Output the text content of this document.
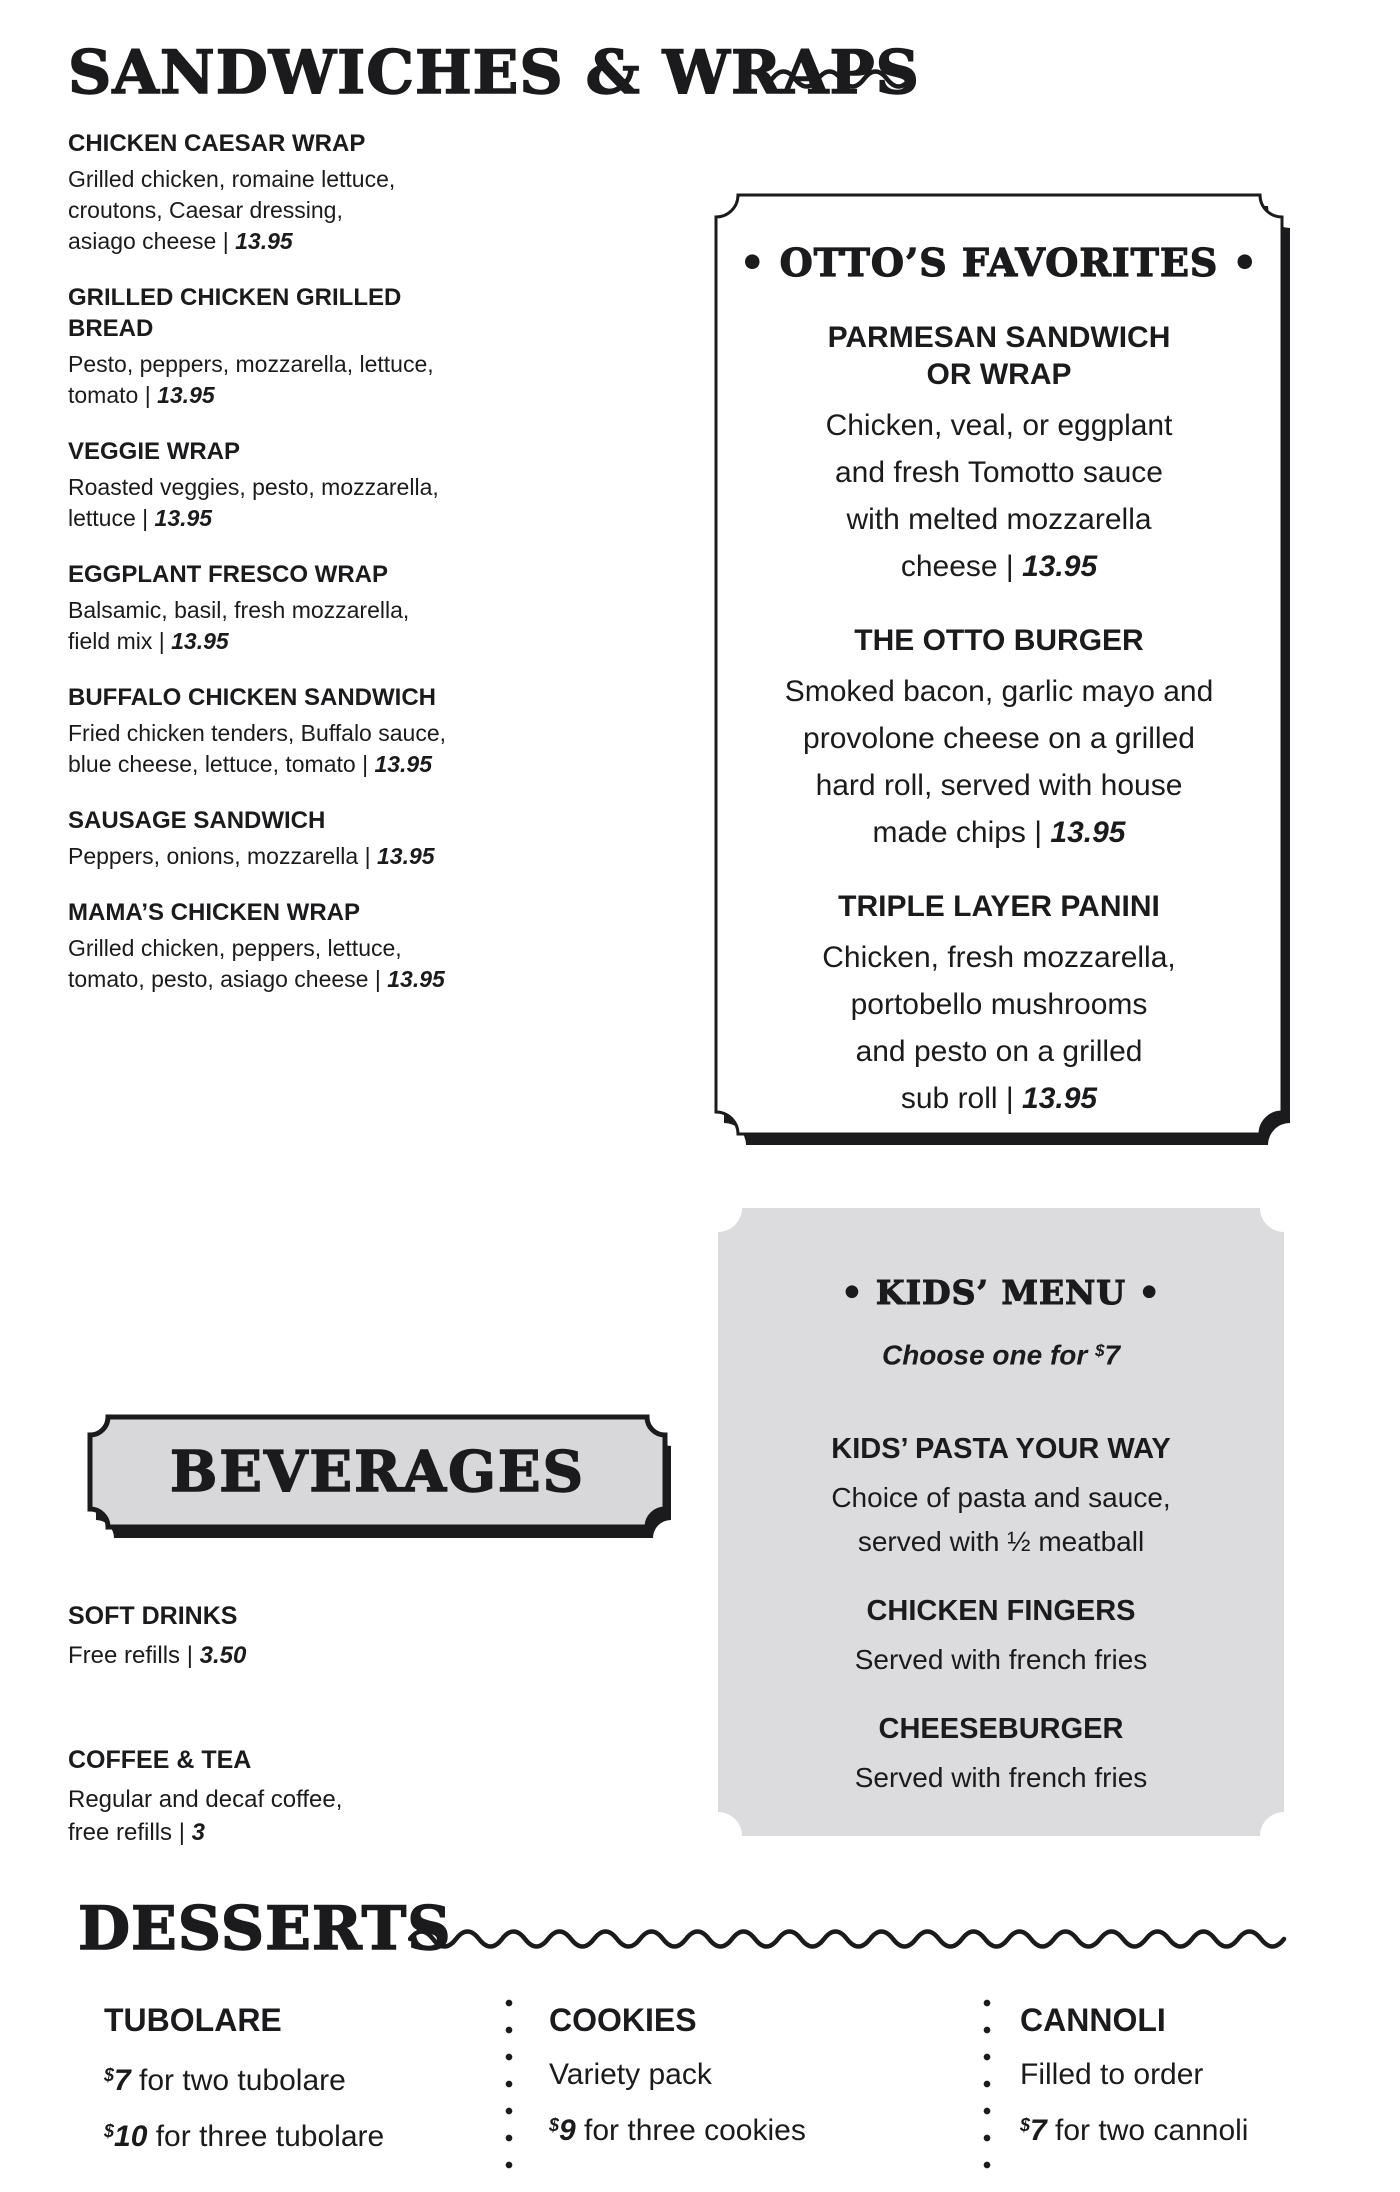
SANDWICHES & WRAPS
CHICKEN CAESAR WRAP
Grilled chicken, romaine lettuce,
croutons, Caesar dressing,
asiago cheese | 13.95
GRILLED CHICKEN GRILLED
BREAD
Pesto, peppers, mozzarella, lettuce,
tomato | 13.95
VEGGIE WRAP
Roasted veggies, pesto, mozzarella,
lettuce | 13.95
EGGPLANT FRESCO WRAP
Balsamic, basil, fresh mozzarella,
field mix | 13.95
BUFFALO CHICKEN SANDWICH
Fried chicken tenders, Buffalo sauce,
blue cheese, lettuce, tomato | 13.95
SAUSAGE SANDWICH
Peppers, onions, mozzarella | 13.95
MAMA’S CHICKEN WRAP
Grilled chicken, peppers, lettuce,
tomato, pesto, asiago cheese | 13.95
• OTTO’S FAVORITES •
PARMESAN SANDWICH
OR WRAP
Chicken, veal, or eggplant
and fresh Tomotto sauce
with melted mozzarella
cheese | 13.95
THE OTTO BURGER
Smoked bacon, garlic mayo and
provolone cheese on a grilled
hard roll, served with house
made chips | 13.95
TRIPLE LAYER PANINI
Chicken, fresh mozzarella,
portobello mushrooms
and pesto on a grilled
sub roll | 13.95
BEVERAGES
SOFT DRINKS
Free refills | 3.50
COFFEE & TEA
Regular and decaf coffee,
free refills | 3
• KIDS’ MENU •
Choose one for $7
KIDS’ PASTA YOUR WAY
Choice of pasta and sauce,
served with ½ meatball
CHICKEN FINGERS
Served with french fries
CHEESEBURGER
Served with french fries
DESSERTS
TUBOLARE
$7 for two tubolare
$10 for three tubolare
COOKIES
Variety pack
$9 for three cookies
CANNOLI
Filled to order
$7 for two cannoli
